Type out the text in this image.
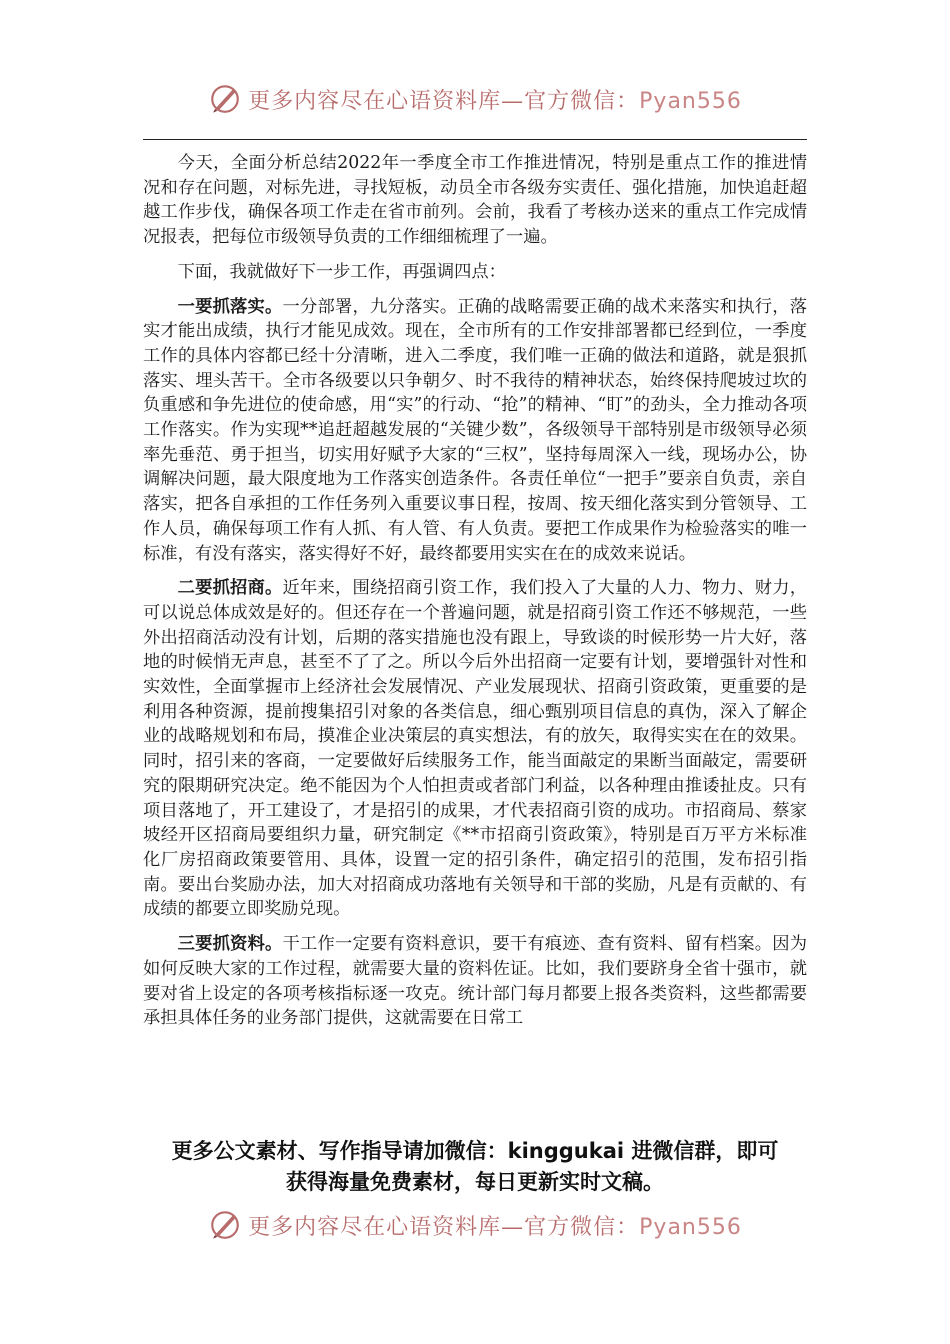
更多内容尽在心语资料库—官方微信：Pyan556

今天，全面分析总结2022年一季度全市工作推进情况，特别是重点工作的推进情况和存在问题，对标先进，寻找短板，动员全市各级夯实责任、强化措施，加快追赶超越工作步伐，确保各项工作走在省市前列。会前，我看了考核办送来的重点工作完成情况报表，把每位市级领导负责的工作细细梳理了一遍。

下面，我就做好下一步工作，再强调四点：

一要抓落实。一分部署，九分落实。正确的战略需要正确的战术来落实和执行，落实才能出成绩，执行才能见成效。现在，全市所有的工作安排部署都已经到位，一季度工作的具体内容都已经十分清晰，进入二季度，我们唯一正确的做法和道路，就是狠抓落实、埋头苦干。全市各级要以只争朝夕、时不我待的精神状态，始终保持爬坡过坎的负重感和争先进位的使命感，用“实”的行动、“抢”的精神、“盯”的劲头，全力推动各项工作落实。作为实现**追赶超越发展的“关键少数”，各级领导干部特别是市级领导必须率先垂范、勇于担当，切实用好赋予大家的“三权”，坚持每周深入一线，现场办公，协调解决问题，最大限度地为工作落实创造条件。各责任单位“一把手”要亲自负责，亲自落实，把各自承担的工作任务列入重要议事日程，按周、按天细化落实到分管领导、工作人员，确保每项工作有人抓、有人管、有人负责。要把工作成果作为检验落实的唯一标准，有没有落实，落实得好不好，最终都要用实实在在的成效来说话。

二要抓招商。近年来，围绕招商引资工作，我们投入了大量的人力、物力、财力，可以说总体成效是好的。但还存在一个普遍问题，就是招商引资工作还不够规范，一些外出招商活动没有计划，后期的落实措施也没有跟上，导致谈的时候形势一片大好，落地的时候悄无声息，甚至不了了之。所以今后外出招商一定要有计划，要增强针对性和实效性，全面掌握市上经济社会发展情况、产业发展现状、招商引资政策，更重要的是利用各种资源，提前搜集招引对象的各类信息，细心甄别项目信息的真伪，深入了解企业的战略规划和布局，摸准企业决策层的真实想法，有的放矢，取得实实在在的效果。同时，招引来的客商，一定要做好后续服务工作，能当面敲定的果断当面敲定，需要研究的限期研究决定。绝不能因为个人怕担责或者部门利益，以各种理由推诿扯皮。只有项目落地了，开工建设了，才是招引的成果，才代表招商引资的成功。市招商局、蔡家坡经开区招商局要组织力量，研究制定《**市招商引资政策》，特别是百万平方米标准化厂房招商政策要管用、具体，设置一定的招引条件，确定招引的范围，发布招引指南。要出台奖励办法，加大对招商成功落地有关领导和干部的奖励，凡是有贡献的、有成绩的都要立即奖励兑现。

三要抓资料。干工作一定要有资料意识，要干有痕迹、查有资料、留有档案。因为如何反映大家的工作过程，就需要大量的资料佐证。比如，我们要跻身全省十强市，就要对省上设定的各项考核指标逐一攻克。统计部门每月都要上报各类资料，这些都需要承担具体任务的业务部门提供，这就需要在日常工

更多公文素材、写作指导请加微信：kinggukai 进微信群，即可
获得海量免费素材，每日更新实时文稿。
更多内容尽在心语资料库—官方微信：Pyan556
